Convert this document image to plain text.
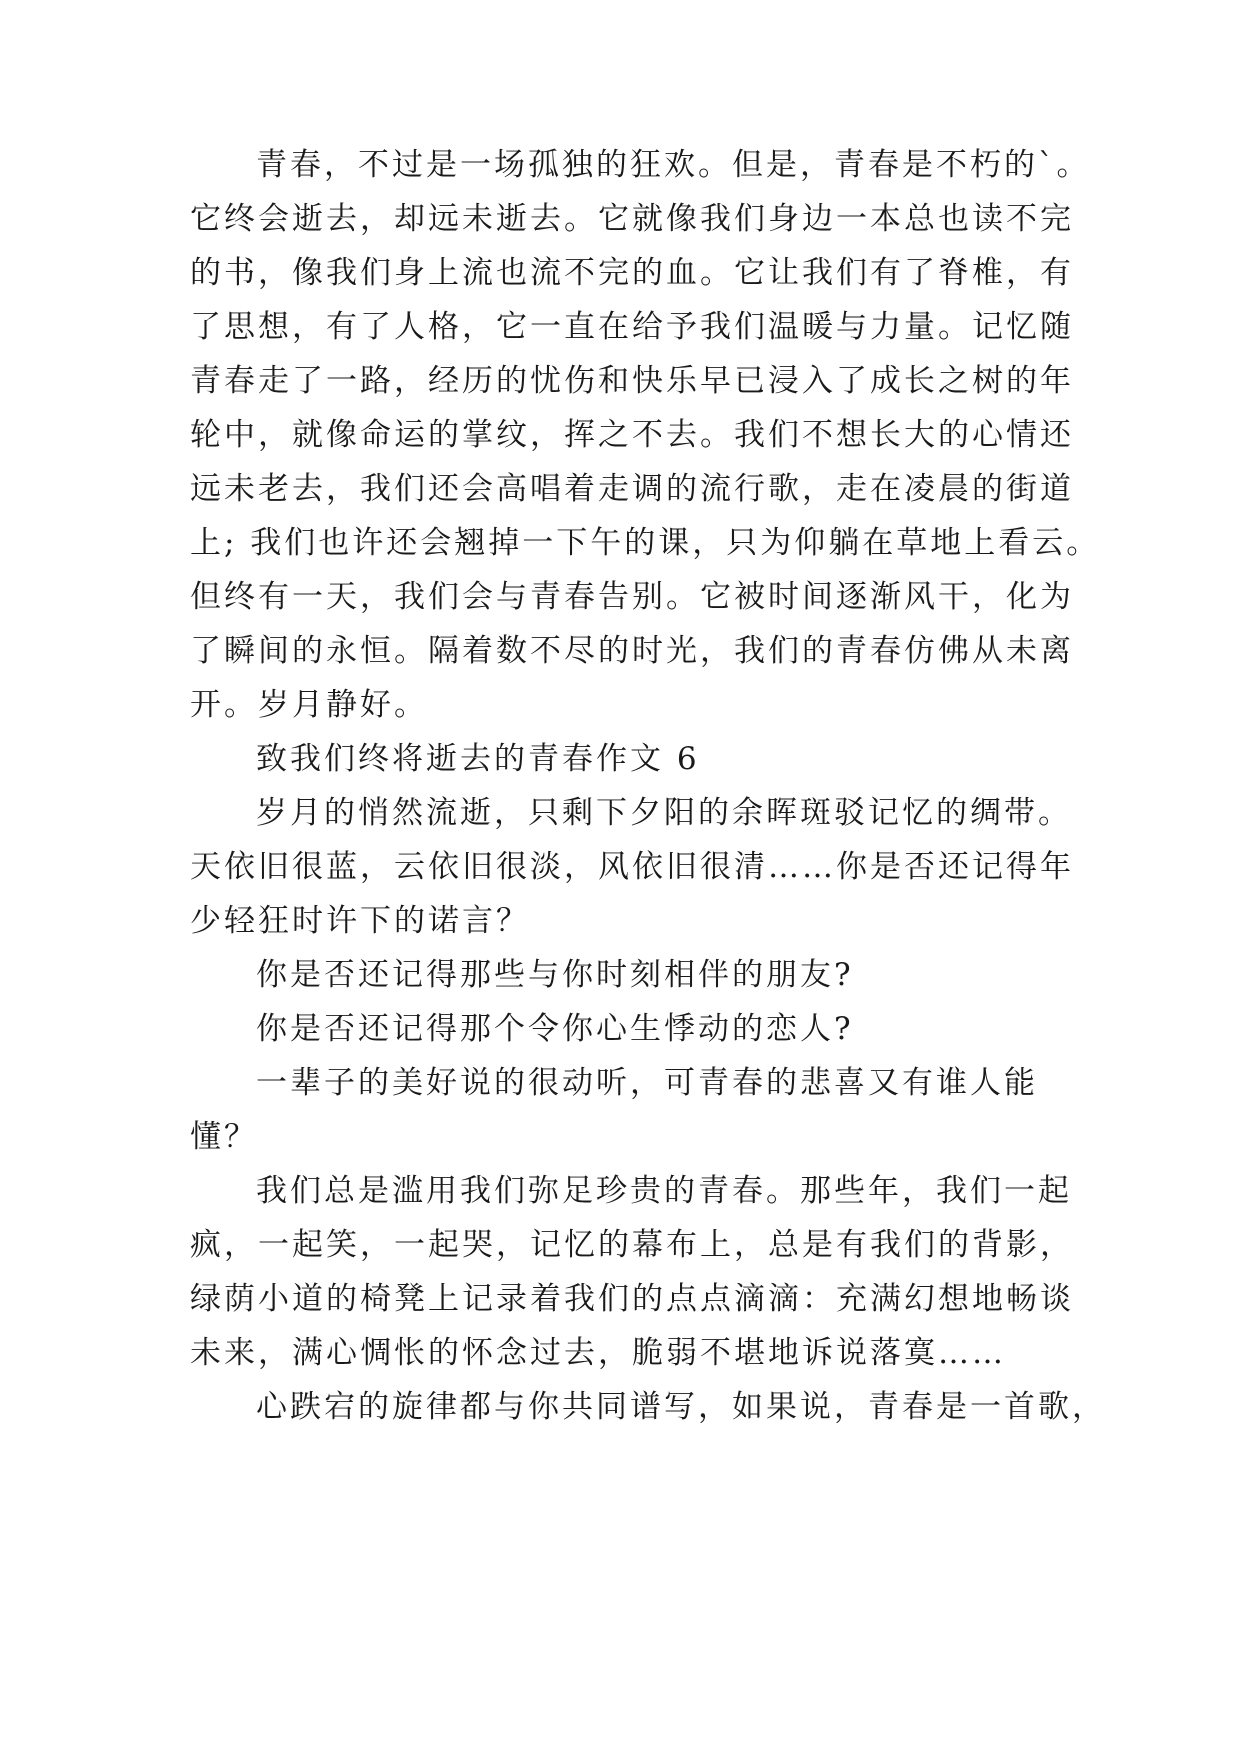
青春，不过是一场孤独的狂欢。但是，青春是不朽的`。
它终会逝去，却远未逝去。它就像我们身边一本总也读不完
的书，像我们身上流也流不完的血。它让我们有了脊椎，有
了思想，有了人格，它一直在给予我们温暖与力量。记忆随
青春走了一路，经历的忧伤和快乐早已浸入了成长之树的年
轮中，就像命运的掌纹，挥之不去。我们不想长大的心情还
远未老去，我们还会高唱着走调的流行歌，走在凌晨的街道
上; 我们也许还会翘掉一下午的课，只为仰躺在草地上看云。
但终有一天，我们会与青春告别。它被时间逐渐风干，化为
了瞬间的永恒。隔着数不尽的时光，我们的青春仿佛从未离
开。岁月静好。
致我们终将逝去的青春作文 6
岁月的悄然流逝，只剩下夕阳的余晖斑驳记忆的绸带。
天依旧很蓝，云依旧很淡，风依旧很清……你是否还记得年
少轻狂时许下的诺言？
你是否还记得那些与你时刻相伴的朋友?
你是否还记得那个令你心生悸动的恋人?
一辈子的美好说的很动听，可青春的悲喜又有谁人能
懂？
我们总是滥用我们弥足珍贵的青春。那些年，我们一起
疯，一起笑，一起哭，记忆的幕布上，总是有我们的背影，
绿荫小道的椅凳上记录着我们的点点滴滴：充满幻想地畅谈
未来，满心惆怅的怀念过去，脆弱不堪地诉说落寞……
心跌宕的旋律都与你共同谱写，如果说，青春是一首歌，
